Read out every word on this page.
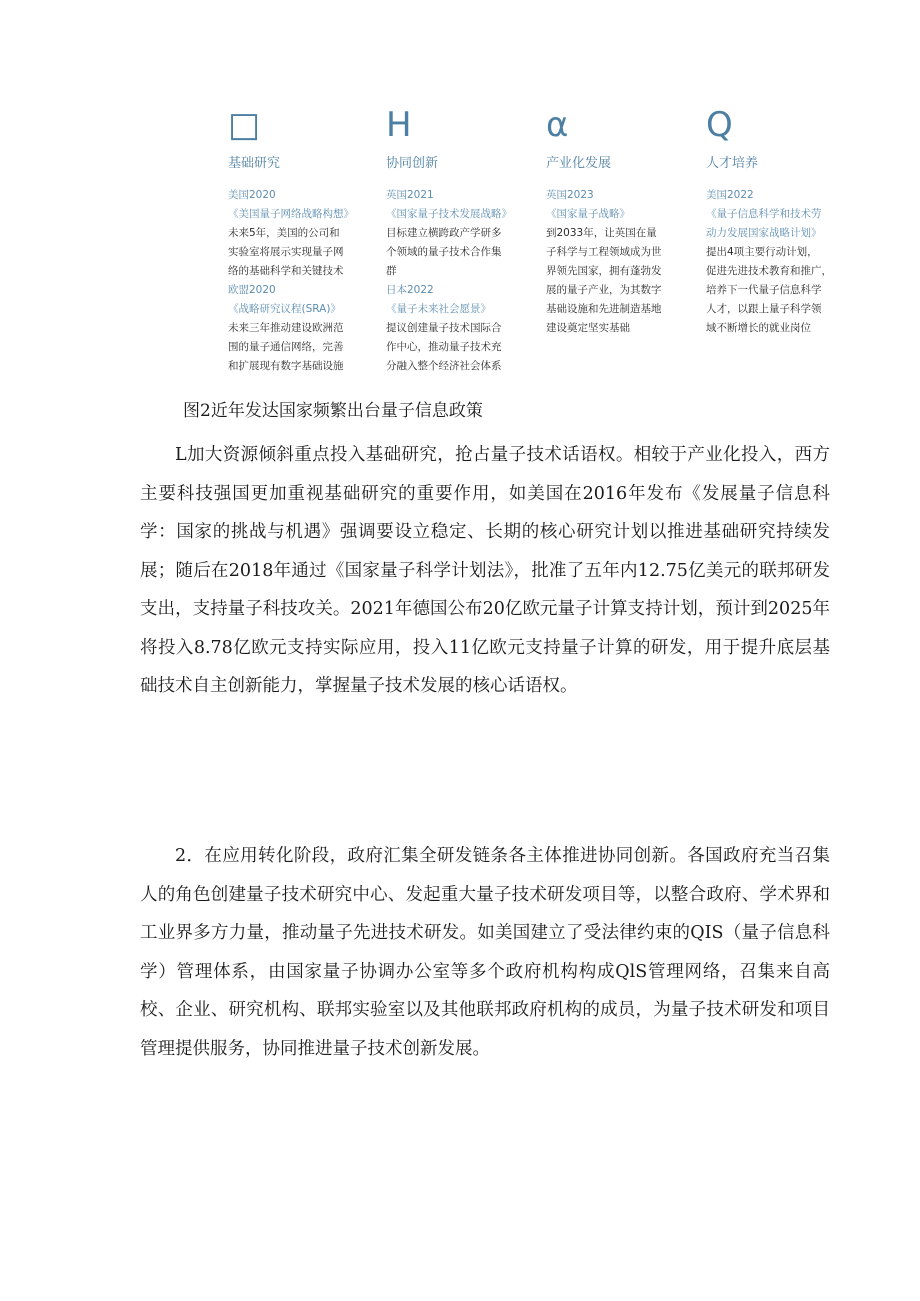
□
基础研究
美国2020
《美国量子网络战略构想》
未来5年，美国的公司和
实验室将展示实现量子网
络的基础科学和关键技术
欧盟2020
《战略研究议程(SRA)》
未来三年推动建设欧洲范
围的量子通信网络，完善
和扩展现有数字基础设施
H
协同创新
英国2021
《国家量子技术发展战略》
目标建立横跨政产学研多
个领域的量子技术合作集
群
日本2022
《量子未来社会愿景》
提议创建量子技术国际合
作中心，推动量子技术充
分融入整个经济社会体系
α
产业化发展
英国2023
《国家量子战略》
到2033年，让英国在量
子科学与工程领域成为世
界领先国家，拥有蓬勃发
展的量子产业，为其数字
基础设施和先进制造基地
建设奠定坚实基础
Q
人才培养
美国2022
《量子信息科学和技术劳
动力发展国家战略计划》
提出4项主要行动计划，
促进先进技术教育和推广，
培养下一代量子信息科学
人才，以跟上量子科学领
域不断增长的就业岗位
图2近年发达国家频繁出台量子信息政策

L加大资源倾斜重点投入基础研究，抢占量子技术话语权。相较于产业化投入，西方主要科技强国更加重视基础研究的重要作用，如美国在2016年发布《发展量子信息科学：国家的挑战与机遇》强调要设立稳定、长期的核心研究计划以推进基础研究持续发展；随后在2018年通过《国家量子科学计划法》，批准了五年内12.75亿美元的联邦研发支出，支持量子科技攻关。2021年德国公布20亿欧元量子计算支持计划，预计到2025年将投入8.78亿欧元支持实际应用，投入11亿欧元支持量子计算的研发，用于提升底层基础技术自主创新能力，掌握量子技术发展的核心话语权。

2．在应用转化阶段，政府汇集全研发链条各主体推进协同创新。各国政府充当召集人的角色创建量子技术研究中心、发起重大量子技术研发项目等，以整合政府、学术界和工业界多方力量，推动量子先进技术研发。如美国建立了受法律约束的QIS（量子信息科学）管理体系，由国家量子协调办公室等多个政府机构构成QlS管理网络，召集来自高校、企业、研究机构、联邦实验室以及其他联邦政府机构的成员，为量子技术研发和项目管理提供服务，协同推进量子技术创新发展。
